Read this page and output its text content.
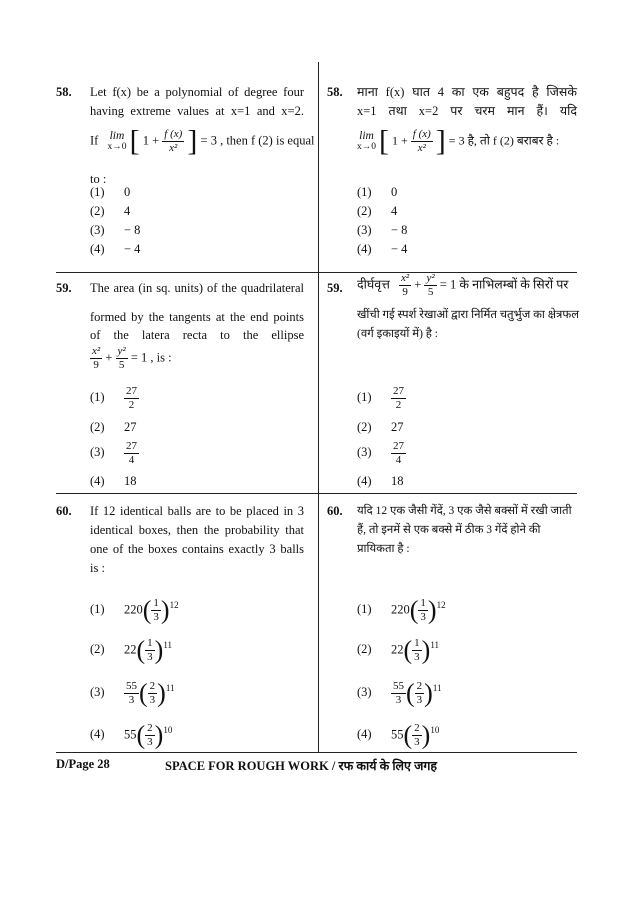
58. Let f(x) be a polynomial of degree four
having extreme values at x=1 and x=2.
If lim
x→0 [ $1 + \frac{f (x)}{\text{x²}}$ ] = 3 , then f (2) is equal
to :
(1) 0
(2) 4
(3) − 8
(4) − 4
58. माना f(x) घात 4 का एक बहुपद है जिसके
x=1 तथा x=2 पर चरम मान हैं। यदि
lim
x→0 [ $1 + \frac{f (x)}{\text{x²}}$ ] = 3 है, तो f (2) बराबर है :
(1) 0
(2) 4
(3) − 8
(4) − 4
59. The area (in sq. units) of the quadrilateral
formed by the tangents at the end points
of the latera recta to the ellipse
$\frac{\text{x²}}{9} + \frac{\text{y²}}{5} = 1$ , is :
$(1) \frac{27}{2}$
(2) 27
$(3) \frac{27}{4}$
(4) 18
59. दीर्घवृत्त $\frac{\text{x²}}{9} + \frac{\text{y²}}{5} = 1$ के नाभिलम्बों के सिरों पर
खींची गई स्पर्श रेखाओं द्वारा निर्मित चतुर्भुज का क्षेत्रफल
(वर्ग इकाइयों में) है :
$(1) \frac{27}{2}$
(2) 27
$(3) \frac{27}{4}$
(4) 18
60. If 12 identical balls are to be placed in 3
identical boxes, then the probability that
one of the boxes contains exactly 3 balls
is :
(1) $220( \frac{1}{3} )^{12}$
(2) $22( \frac{1}{3} )^{11}$
$(3) \frac{55}{3}$ ( $\frac{2}{3} )^{11}$
(4) $55( \frac{2}{3} )^{10}$
60. यदि 12 एक जैसी गेंदें, 3 एक जैसे बक्सों में रखी जाती
हैं, तो इनमें से एक बक्से में ठीक 3 गेंदें होने की
प्रायिकता है :
(1) $220( \frac{1}{3} )^{12}$
(2) $22( \frac{1}{3} )^{11}$
$(3) \frac{55}{3}$ ( $\frac{2}{3} )^{11}$
(4) $55( \frac{2}{3} )^{10}$
D/Page 28	SPACE FOR ROUGH WORK / रफ कार्य के लिए जगह
